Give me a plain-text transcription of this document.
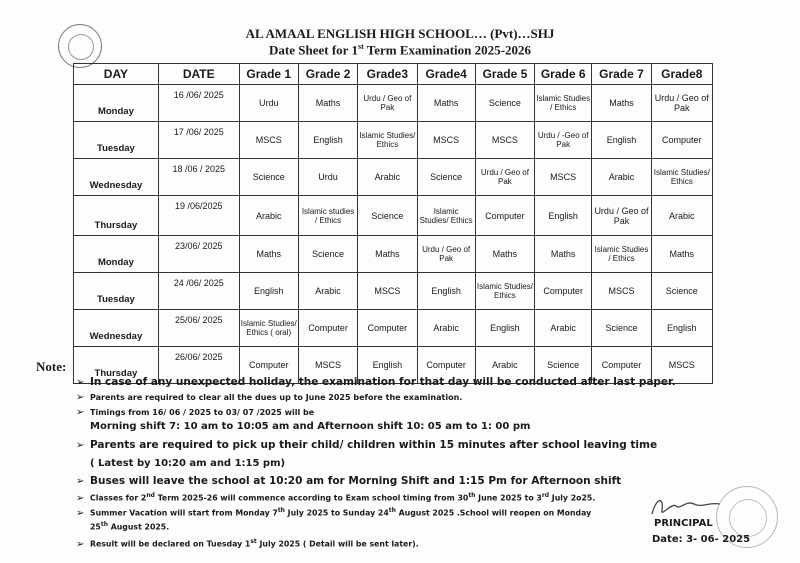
AL AMAAL ENGLISH HIGH SCHOOL… (Pvt)…SHJ
Date Sheet for 1st Term Examination 2025-2026
DAY	DATE	Grade 1	Grade 2	Grade3	Grade4	Grade 5	Grade 6	Grade 7	Grade8
Monday	16 /06/ 2025	Urdu	Maths	Urdu / Geo of Pak	Maths	Science	Islamic Studies / Ethics	Maths	Urdu / Geo of Pak
Tuesday	17 /06/ 2025	MSCS	English	Islamic Studies/ Ethics	MSCS	MSCS	Urdu / -Geo of Pak	English	Computer
Wednesday	18 /06 / 2025	Science	Urdu	Arabic	Science	Urdu / Geo of Pak	MSCS	Arabic	Islamic Studies/ Ethics
Thursday	19 /06/2025	Arabic	Islamic studies / Ethics	Science	Islamic Studies/ Ethics	Computer	English	Urdu / Geo of Pak	Arabic
Monday	23/06/ 2025	Maths	Science	Maths	Urdu / Geo of Pak	Maths	Maths	Islamic Studies / Ethics	Maths
Tuesday	24 /06/ 2025	English	Arabic	MSCS	English	Islamic Studies/ Ethics	Computer	MSCS	Science
Wednesday	25/06/ 2025	Islamic Studies/ Ethics ( oral)	Computer	Computer	Arabic	English	Arabic	Science	English
Thursday	26/06/ 2025	Computer	MSCS	English	Computer	Arabic	Science	Computer	MSCS
Note:
➢ In case of any unexpected holiday, the examination for that day will be conducted after last paper.
➢ Parents are required to clear all the dues up to June 2025 before the examination.
➢ Timings from 16/ 06 / 2025 to 03/ 07 /2025 will be
Morning shift 7: 10 am to 10:05 am and Afternoon shift 10: 05 am to 1: 00 pm
➢ Parents are required to pick up their child/ children within 15 minutes after school leaving time
( Latest by 10:20 am and 1:15 pm)
➢ Buses will leave the school at 10:20 am for Morning Shift and 1:15 Pm for Afternoon shift
➢ Classes for 2nd Term 2025-26 will commence according to Exam school timing from 30th June 2025 to 3rd July 2o25.
➢ Summer Vacation will start from Monday 7th July 2025 to Sunday 24th August 2025 .School will reopen on Monday
25th August 2025.
➢ Result will be declared on Tuesday 1st July 2025 ( Detail will be sent later).
PRINCIPAL
Date: 3- 06- 2025
